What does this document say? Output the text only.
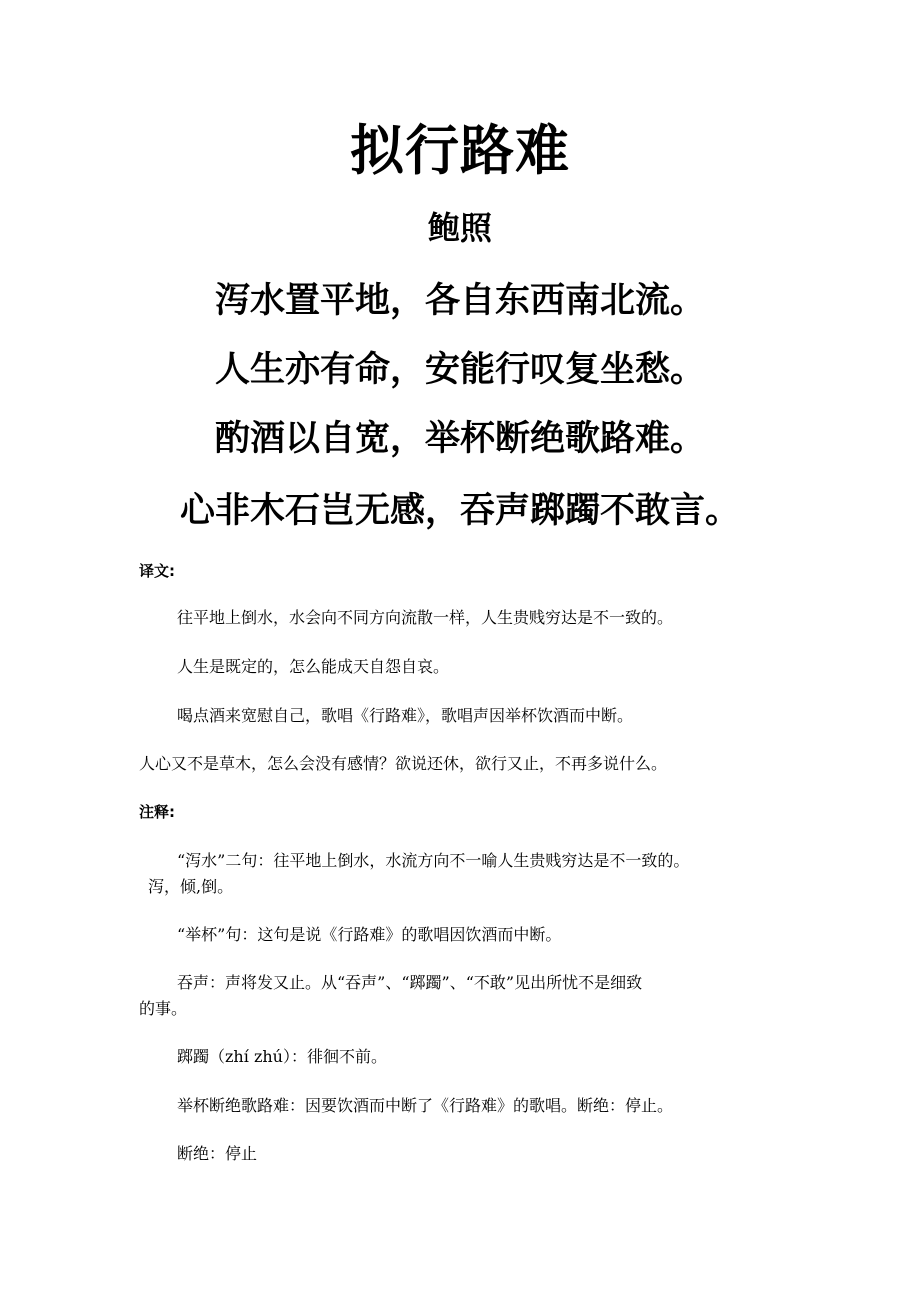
拟行路难
鲍照
泻水置平地，各自东西南北流。
人生亦有命，安能行叹复坐愁。
酌酒以自宽，举杯断绝歌路难。
心非木石岂无感，吞声踯躅不敢言。
译文:
往平地上倒水，水会向不同方向流散一样，人生贵贱穷达是不一致的。
人生是既定的，怎么能成天自怨自哀。
喝点酒来宽慰自己，歌唱《行路难》，歌唱声因举杯饮酒而中断。
人心又不是草木，怎么会没有感情？欲说还休，欲行又止，不再多说什么。
注释:
“泻水”二句：往平地上倒水，水流方向不一喻人生贵贱穷达是不一致的。
泻，倾,倒。
“举杯”句：这句是说《行路难》的歌唱因饮酒而中断。
吞声：声将发又止。从“吞声”、“踯躅”、“不敢”见出所忧不是细致
的事。
踯躅（zhí zhú）：徘徊不前。
举杯断绝歌路难：因要饮酒而中断了《行路难》的歌唱。断绝：停止。
断绝：停止
